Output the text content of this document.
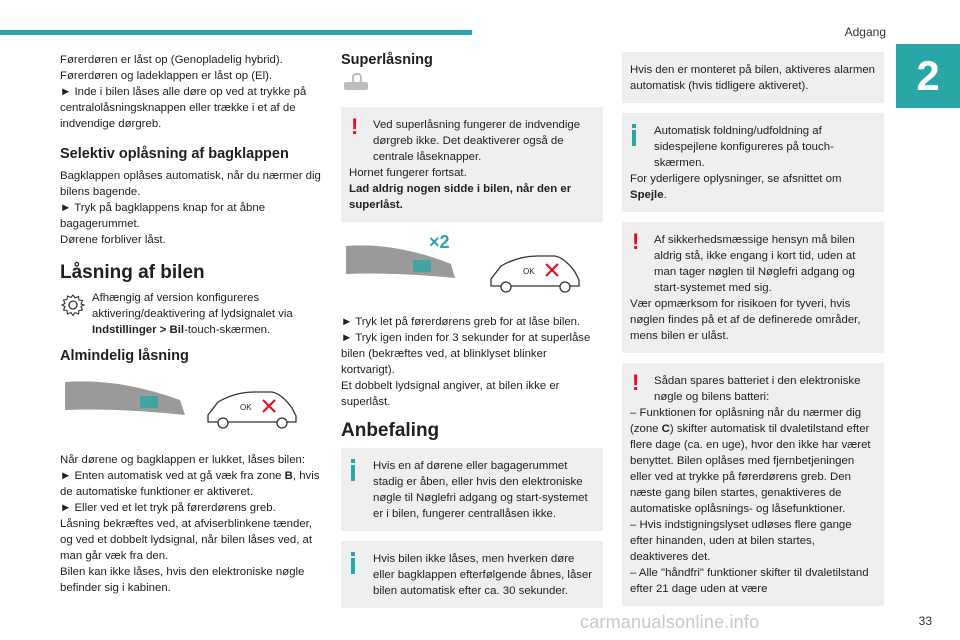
Adgang
2
33
carmanualsonline.info

Førerdøren er låst op (Genopladelig hybrid).

Førerdøren og ladeklappen er låst op (El).

► Inde i bilen låses alle døre op ved at trykke på centralolåsningsknappen eller trække i et af de indvendige dørgreb.

Selektiv oplåsning af bagklappen

Bagklappen oplåses automatisk, når du nærmer dig bilens bagende.

► Tryk på bagklappens knap for at åbne bagagerummet.

Dørene forbliver låst.

Låsning af bilen

Afhængig af version konfigureres aktivering/deaktivering af lydsignalet via Indstillinger > Bil-touch-skærmen.

Almindelig låsning
OK

Når dørene og bagklappen er lukket, låses bilen:

► Enten automatisk ved at gå væk fra zone B, hvis de automatiske funktioner er aktiveret.

► Eller ved et let tryk på førerdørens greb.

Låsning bekræftes ved, at afviserblinkene tænder, og ved et dobbelt lydsignal, når bilen låses ved, at man går væk fra den.

Bilen kan ikke låses, hvis den elektroniske nøgle befinder sig i kabinen.

Superlåsning
!	Ved superlåsning fungerer de indvendige dørgreb ikke. Det deaktiverer også de centrale låseknapper.

Hornet fungerer fortsat.

Lad aldrig nogen sidde i bilen, når den er superlåst.

×2
OK

► Tryk let på førerdørens greb for at låse bilen.

► Tryk igen inden for 3 sekunder for at superlåse bilen (bekræftes ved, at blinklyset blinker kortvarigt).

Et dobbelt lydsignal angiver, at bilen ikke er superlåst.

Anbefaling

Hvis en af dørene eller bagagerummet stadig er åben, eller hvis den elektroniske nøgle til Nøglefri adgang og start-systemet er i bilen, fungerer centrallåsen ikke.

Hvis bilen ikke låses, men hverken døre eller bagklappen efterfølgende åbnes, låser bilen automatisk efter ca. 30 sekunder.

Hvis den er monteret på bilen, aktiveres alarmen automatisk (hvis tidligere aktiveret).

Automatisk foldning/udfoldning af sidespejlene konfigureres på touch-skærmen.

For yderligere oplysninger, se afsnittet om Spejle.

!	Af sikkerhedsmæssige hensyn må bilen aldrig stå, ikke engang i kort tid, uden at man tager nøglen til Nøglefri adgang og start-systemet med sig.

Vær opmærksom for risikoen for tyveri, hvis nøglen findes på et af de definerede områder, mens bilen er ulåst.

!	Sådan spares batteriet i den elektroniske nøgle og bilens batteri:

– Funktionen for oplåsning når du nærmer dig (zone C) skifter automatisk til dvaletilstand efter flere dage (ca. en uge), hvor den ikke har været benyttet. Bilen oplåses med fjernbetjeningen eller ved at trykke på førerdørens greb. Den næste gang bilen startes, genaktiveres de automatiske oplåsnings- og låsefunktioner.

– Hvis indstigningslyset udløses flere gange efter hinanden, uden at bilen startes, deaktiveres det.

– Alle "håndfri" funktioner skifter til dvaletilstand efter 21 dage uden at være
